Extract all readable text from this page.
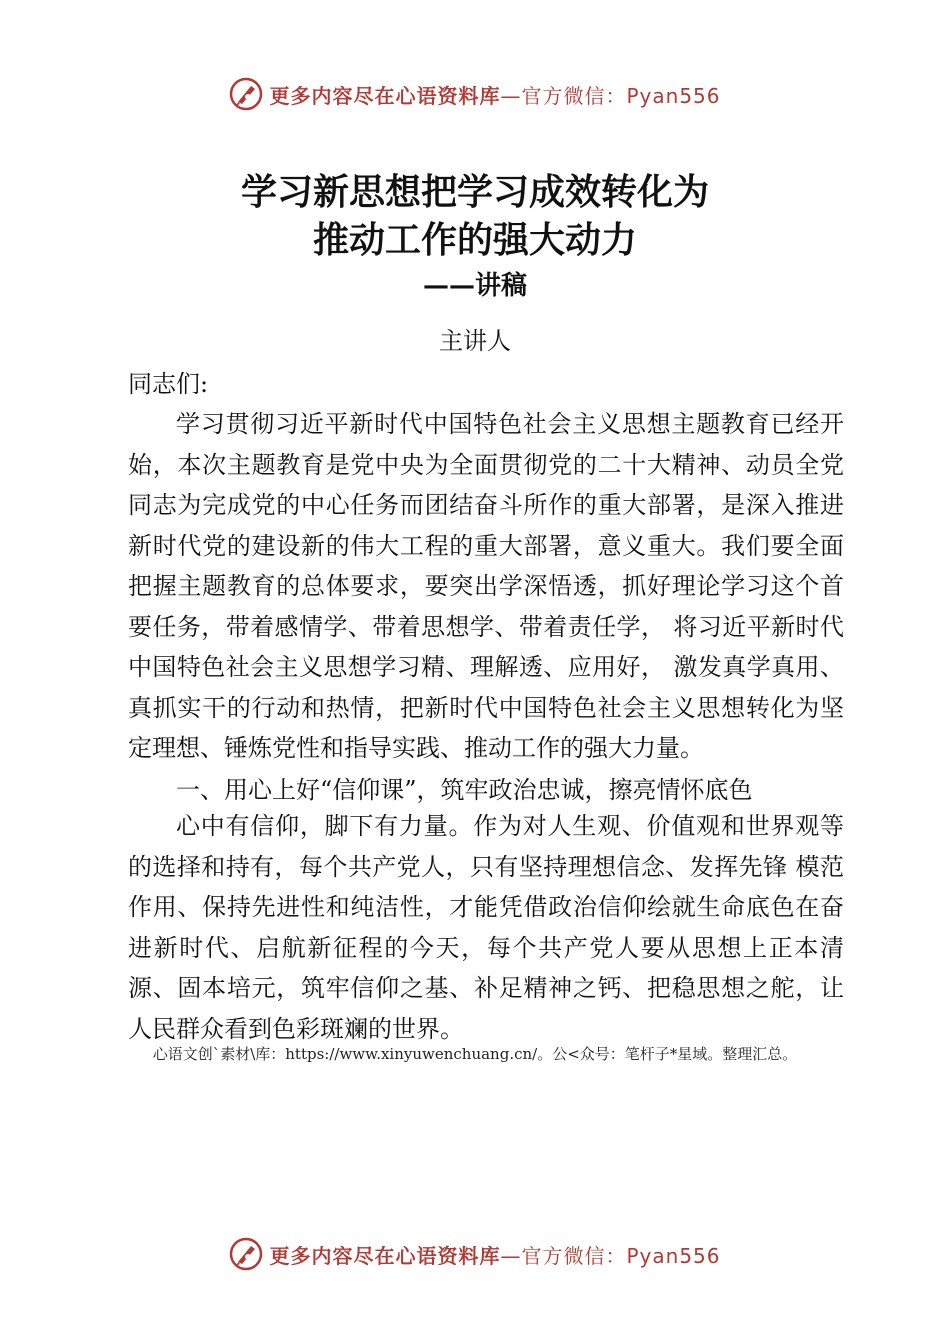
更多内容尽在心语资料库—官方微信：Pyan556
学习新思想把学习成效转化为
推动工作的强大动力
——讲稿
主讲人
同志们:
学习贯彻习近平新时代中国特色社会主义思想主题教育已经开始，本次主题教育是党中央为全面贯彻党的二十大精神、动员全党同志为完成党的中心任务而团结奋斗所作的重大部署，是深入推进新时代党的建设新的伟大工程的重大部署，意义重大。我们要全面把握主题教育的总体要求，要突出学深悟透，抓好理论学习这个首要任务，带着感情学、带着思想学、带着责任学， 将习近平新时代中国特色社会主义思想学习精、理解透、应用好， 激发真学真用、真抓实干的行动和热情，把新时代中国特色社会主义思想转化为坚定理想、锤炼党性和指导实践、推动工作的强大力量。
一、用心上好“信仰课”，筑牢政治忠诚，擦亮情怀底色
心中有信仰，脚下有力量。作为对人生观、价值观和世界观等的选择和持有，每个共产党人，只有坚持理想信念、发挥先锋 模范作用、保持先进性和纯洁性，才能凭借政治信仰绘就生命底色在奋进新时代、启航新征程的今天，每个共产党人要从思想上正本清源、固本培元，筑牢信仰之基、补足精神之钙、把稳思想之舵，让人民群众看到色彩斑斓的世界。
心语文创`素材\库：https://www.xinyuwenchuang.cn/。公<众号：笔杆子*星域。整理汇总。
更多内容尽在心语资料库—官方微信：Pyan556
